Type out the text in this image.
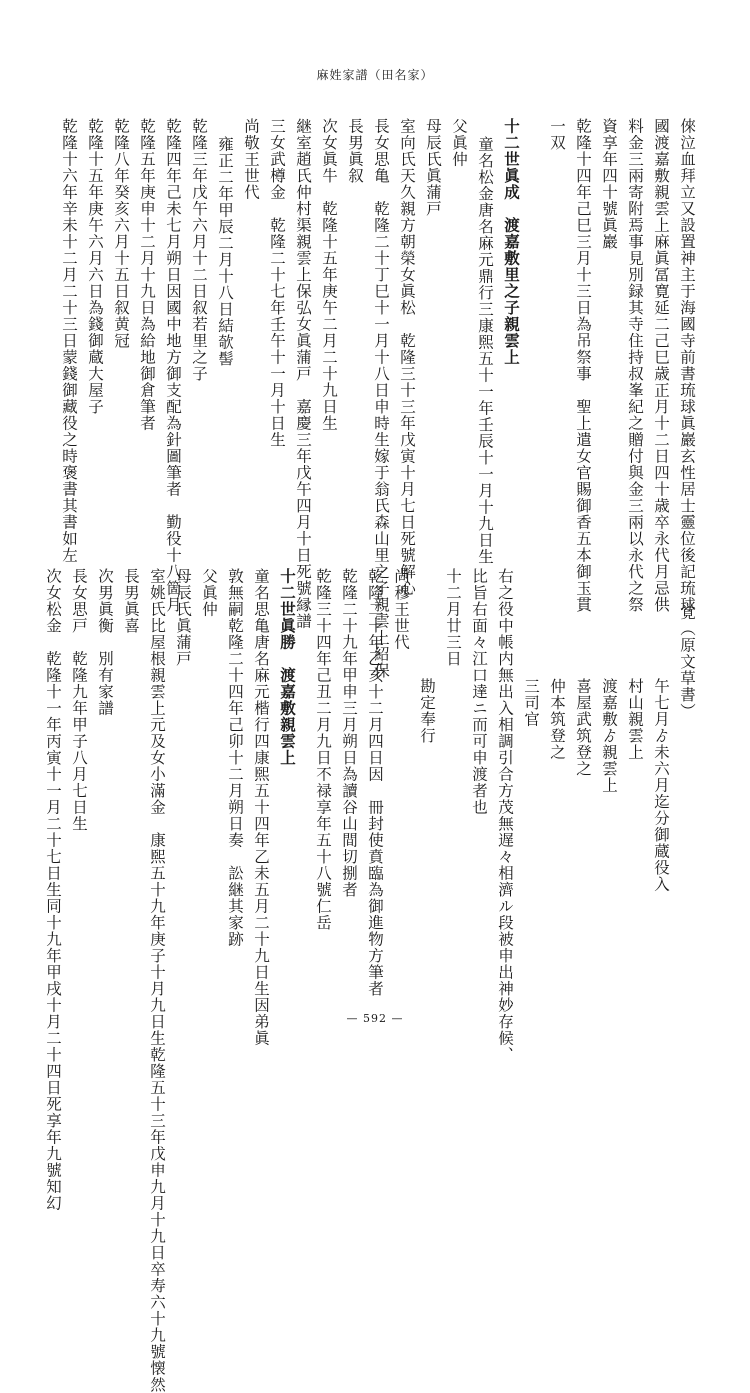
麻姓家譜（田名家）
倈泣血拜立又設置神主于海國寺前書琉球眞巖玄性居士靈位後記琉球
國渡嘉敷親雲上麻眞冨寛延二己巳歳正月十二日四十歳卒永代月忌供
料金三兩寄附焉事見別録其寺住持叔峯紀之贈付與金三兩以永代之祭
資享年四十號眞巖
乾隆十四年己巳三月十三日為吊祭事　聖上遣女官賜御香五本御玉貫
一双
十二世眞成　渡嘉敷里之子親雲上
童名松金唐名麻元鼎行三康煕五十一年壬辰十一月十九日生
父眞仲
母辰氏眞蒲戸
室向氏天久親方朝榮女眞松　乾隆三十三年戊寅十月七日死號解心
長女思亀　乾隆二十丁巳十一月十八日申時生嫁于翁氏森山里之子親雲上紹保
長男眞叙
次女眞牛　乾隆十五年庚午二月二十九日生
継室趙氏仲村渠親雲上保弘女眞蒲戸　嘉慶三年戊午四月十日死號縁譜
三女武樽金　乾隆二十七年壬午十一月十日生
尚敬王世代
雍正二年甲辰二月十八日結欹髻
乾隆三年戊午六月十二日叙若里之子
乾隆四年己未七月朔日因國中地方御支配為針圖筆者　勤役十八箇月
乾隆五年庚申十二月十九日為給地御倉筆者
乾隆八年癸亥六月十五日叙黄冠
乾隆十五年庚午六月六日為錢御蔵大屋子
乾隆十六年辛未十二月二十三日蒙錢御藏役之時褒書其書如左
覚（原文草書）
午七月ゟ未六月迄分御蔵役入
村山親雲上
渡嘉敷ゟ親雲上
喜屋武筑登之
仲本筑登之
三司官
右之役中帳内無出入相調引合方茂無遅々相濟ル段被申出神妙存候、
比旨右面々江口達ニ而可申渡者也
十二月廿三日
勘定奉行
尚穆王世代
乾隆二十年乙亥十二月四日因　冊封使賁臨為御進物方筆者
乾隆二十九年甲申三月朔日為讀谷山間切捌者
乾隆三十四年己丑二月九日不禄享年五十八號仁岳
十二世眞勝　渡嘉敷親雲上
童名思亀唐名麻元楷行四康煕五十四年乙未五月二十九日生因弟眞
敦無嗣乾隆二十四年己卯十二月朔日奏　訟継其家跡
父眞仲
母辰氏眞蒲戸
室姚氏比屋根親雲上元及女小滿金　康煕五十九年庚子十月九日生乾隆五十三年戊申九月十九日卒寿六十九號懐然
長男眞喜
次男眞衡　別有家譜
長女思戸　乾隆九年甲子八月七日生
次女松金　乾隆十一年丙寅十一月二十七日生同十九年甲戌十月二十四日死享年九號知幻	— 592 —
